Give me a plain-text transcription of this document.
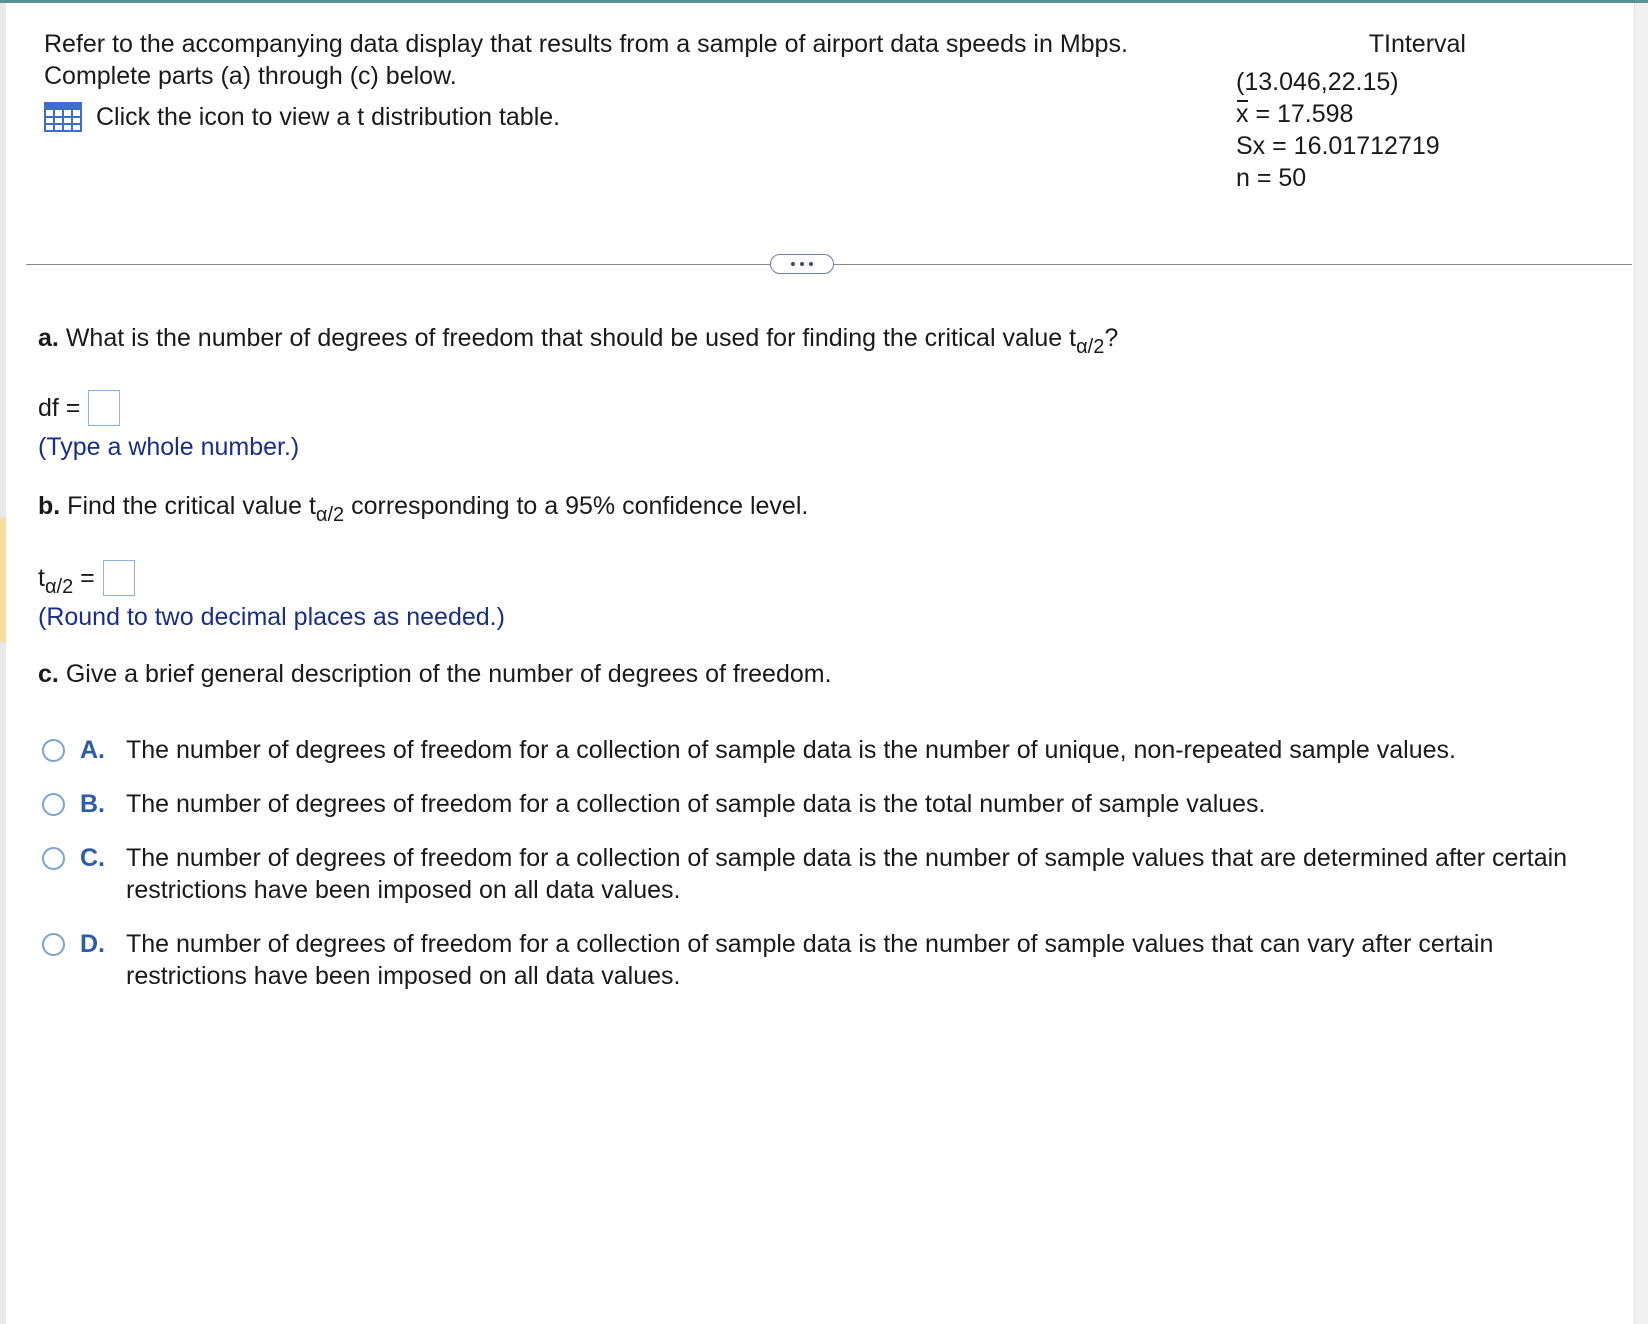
Refer to the accompanying data display that results from a sample of airport data speeds in Mbps.
Complete parts (a) through (c) below.
Click the icon to view a t distribution table.
TInterval
(13.046,22.15)
x = 17.598
Sx = 16.01712719
n = 50
a. What is the number of degrees of freedom that should be used for finding the critical value $t_{\alpha/2}$?
df =
(Type a whole number.)
b. Find the critical value $t_{\alpha/2}$ corresponding to a 95% confidence level.
$t_{\alpha/2}$ =
(Round to two decimal places as needed.)
c. Give a brief general description of the number of degrees of freedom.
A. The number of degrees of freedom for a collection of sample data is the number of unique, non-repeated sample values.
B. The number of degrees of freedom for a collection of sample data is the total number of sample values.
C. The number of degrees of freedom for a collection of sample data is the number of sample values that are determined after certain restrictions have been imposed on all data values.
D. The number of degrees of freedom for a collection of sample data is the number of sample values that can vary after certain restrictions have been imposed on all data values.
